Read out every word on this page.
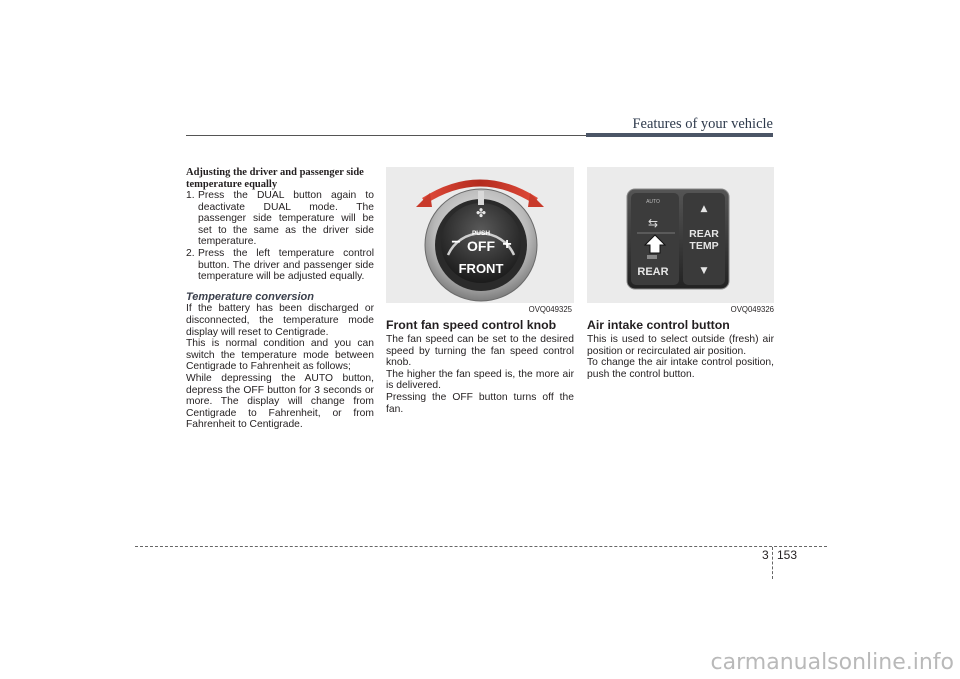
Features of your vehicle
Adjusting the driver and passenger side
temperature equally
1. Press the DUAL button again to deactivate DUAL mode. The passenger side temperature will be set to the same as the driver side temperature.
2. Press the left temperature control button. The driver and passenger side temperature will be adjusted equally.
Temperature conversion

If the battery has been discharged or disconnected, the temperature mode display will reset to Centigrade.

This is normal condition and you can switch the temperature mode between Centigrade to Fahrenheit as follows;

While depressing the AUTO button, depress the OFF button for 3 seconds or more. The display will change from Centigrade to Fahrenheit, or from Fahrenheit to Centigrade.

✤
−	+
PUSH
OFF
FRONT
OVQ049325
AUTO
⇆
REAR
▲
REAR
TEMP
▼
OVQ049326
Front fan speed control knob

The fan speed can be set to the desired speed by turning the fan speed control knob.

The higher the fan speed is, the more air is delivered.

Pressing the OFF button turns off the fan.

Air intake control button

This is used to select outside (fresh) air position or recirculated air position.

To change the air intake control position, push the control button.

3 153
carmanualsonline.info
